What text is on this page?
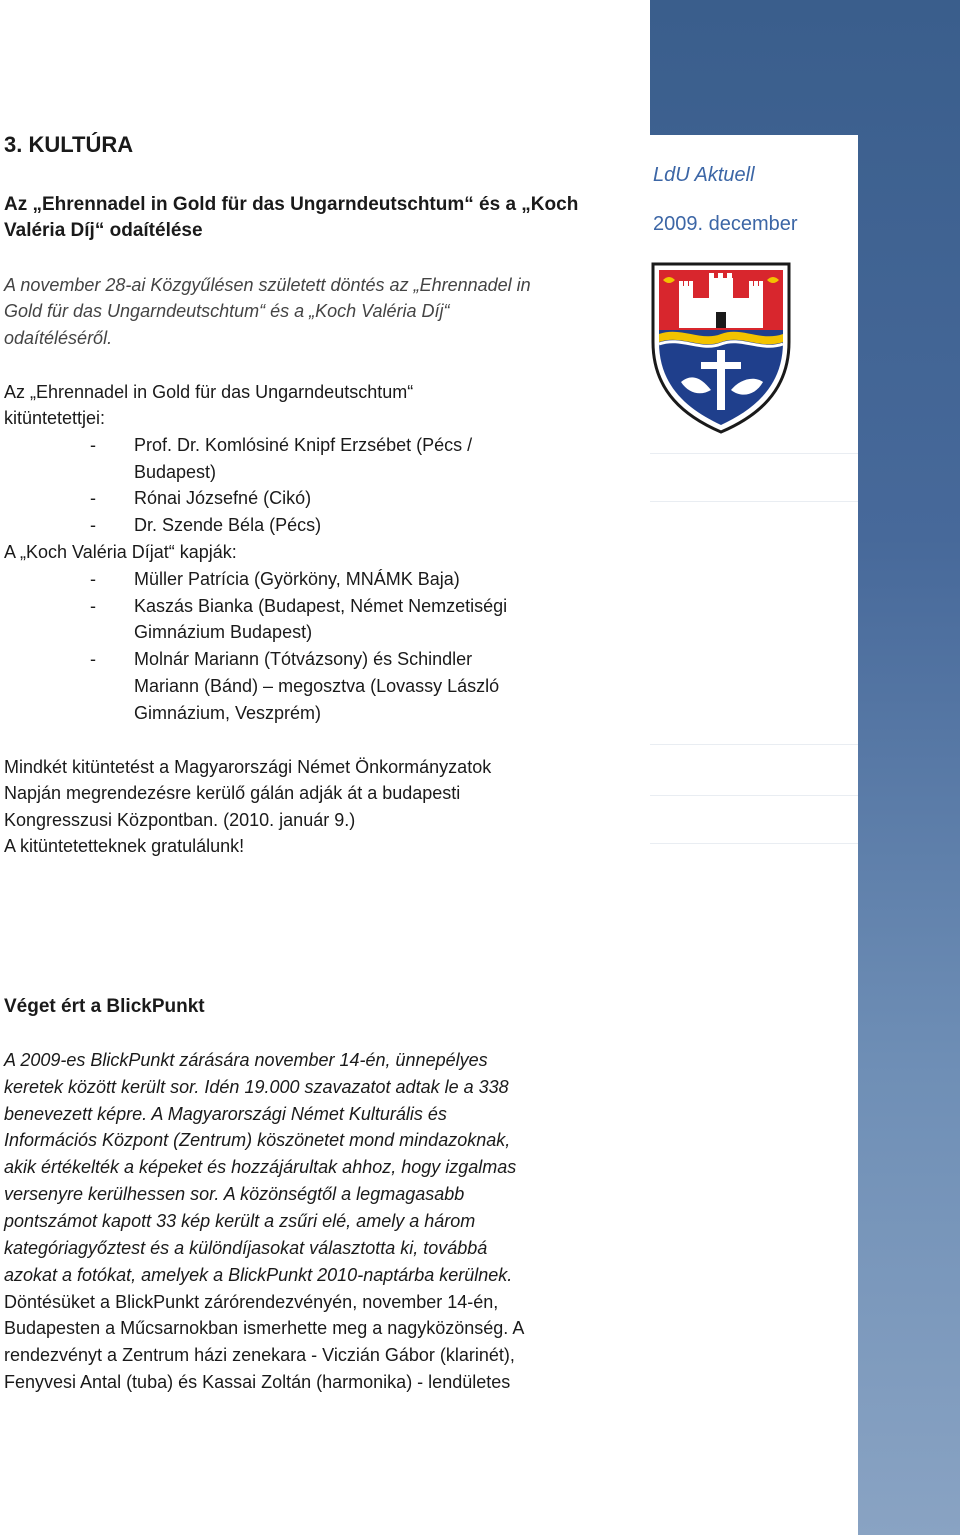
LdU Aktuell
2009. december
3. KULTÚRA
Az „Ehrennadel in Gold für das Ungarndeutschtum“ és a „Koch
Valéria Díj“ odaítélése
A november 28-ai Közgyűlésen született döntés az „Ehrennadel in
Gold für das Ungarndeutschtum“ és a „Koch Valéria Díj“
odaítéléséről.
Az „Ehrennadel in Gold für das Ungarndeutschtum“
kitüntetettjei:
- Prof. Dr. Komlósiné Knipf Erzsébet (Pécs /
Budapest)
- Rónai Józsefné (Cikó)
- Dr. Szende Béla (Pécs)
A „Koch Valéria Díjat“ kapják:
- Müller Patrícia (Györköny, MNÁMK Baja)
- Kaszás Bianka (Budapest, Német Nemzetiségi
Gimnázium Budapest)
- Molnár Mariann (Tótvázsony) és Schindler
Mariann (Bánd) – megosztva (Lovassy László
Gimnázium, Veszprém)
Mindkét kitüntetést a Magyarországi Német Önkormányzatok
Napján megrendezésre kerülő gálán adják át a budapesti
Kongresszusi Központban. (2010. január 9.)
A kitüntetetteknek gratulálunk!
Véget ért a BlickPunkt
A 2009-es BlickPunkt zárására november 14-én, ünnepélyes
keretek között került sor. Idén 19.000 szavazatot adtak le a 338
benevezett képre. A Magyarországi Német Kulturális és
Információs Központ (Zentrum) köszönetet mond mindazoknak,
akik értékelték a képeket és hozzájárultak ahhoz, hogy izgalmas
versenyre kerülhessen sor. A közönségtől a legmagasabb
pontszámot kapott 33 kép került a zsűri elé, amely a három
kategóriagyőztest és a különdíjasokat választotta ki, továbbá
azokat a fotókat, amelyek a BlickPunkt 2010-naptárba kerülnek.
Döntésüket a BlickPunkt zárórendezvényén, november 14-én,
Budapesten a Műcsarnokban ismerhette meg a nagyközönség. A
rendezvényt a Zentrum házi zenekara - Viczián Gábor (klarinét),
Fenyvesi Antal (tuba) és Kassai Zoltán (harmonika) - lendületes
